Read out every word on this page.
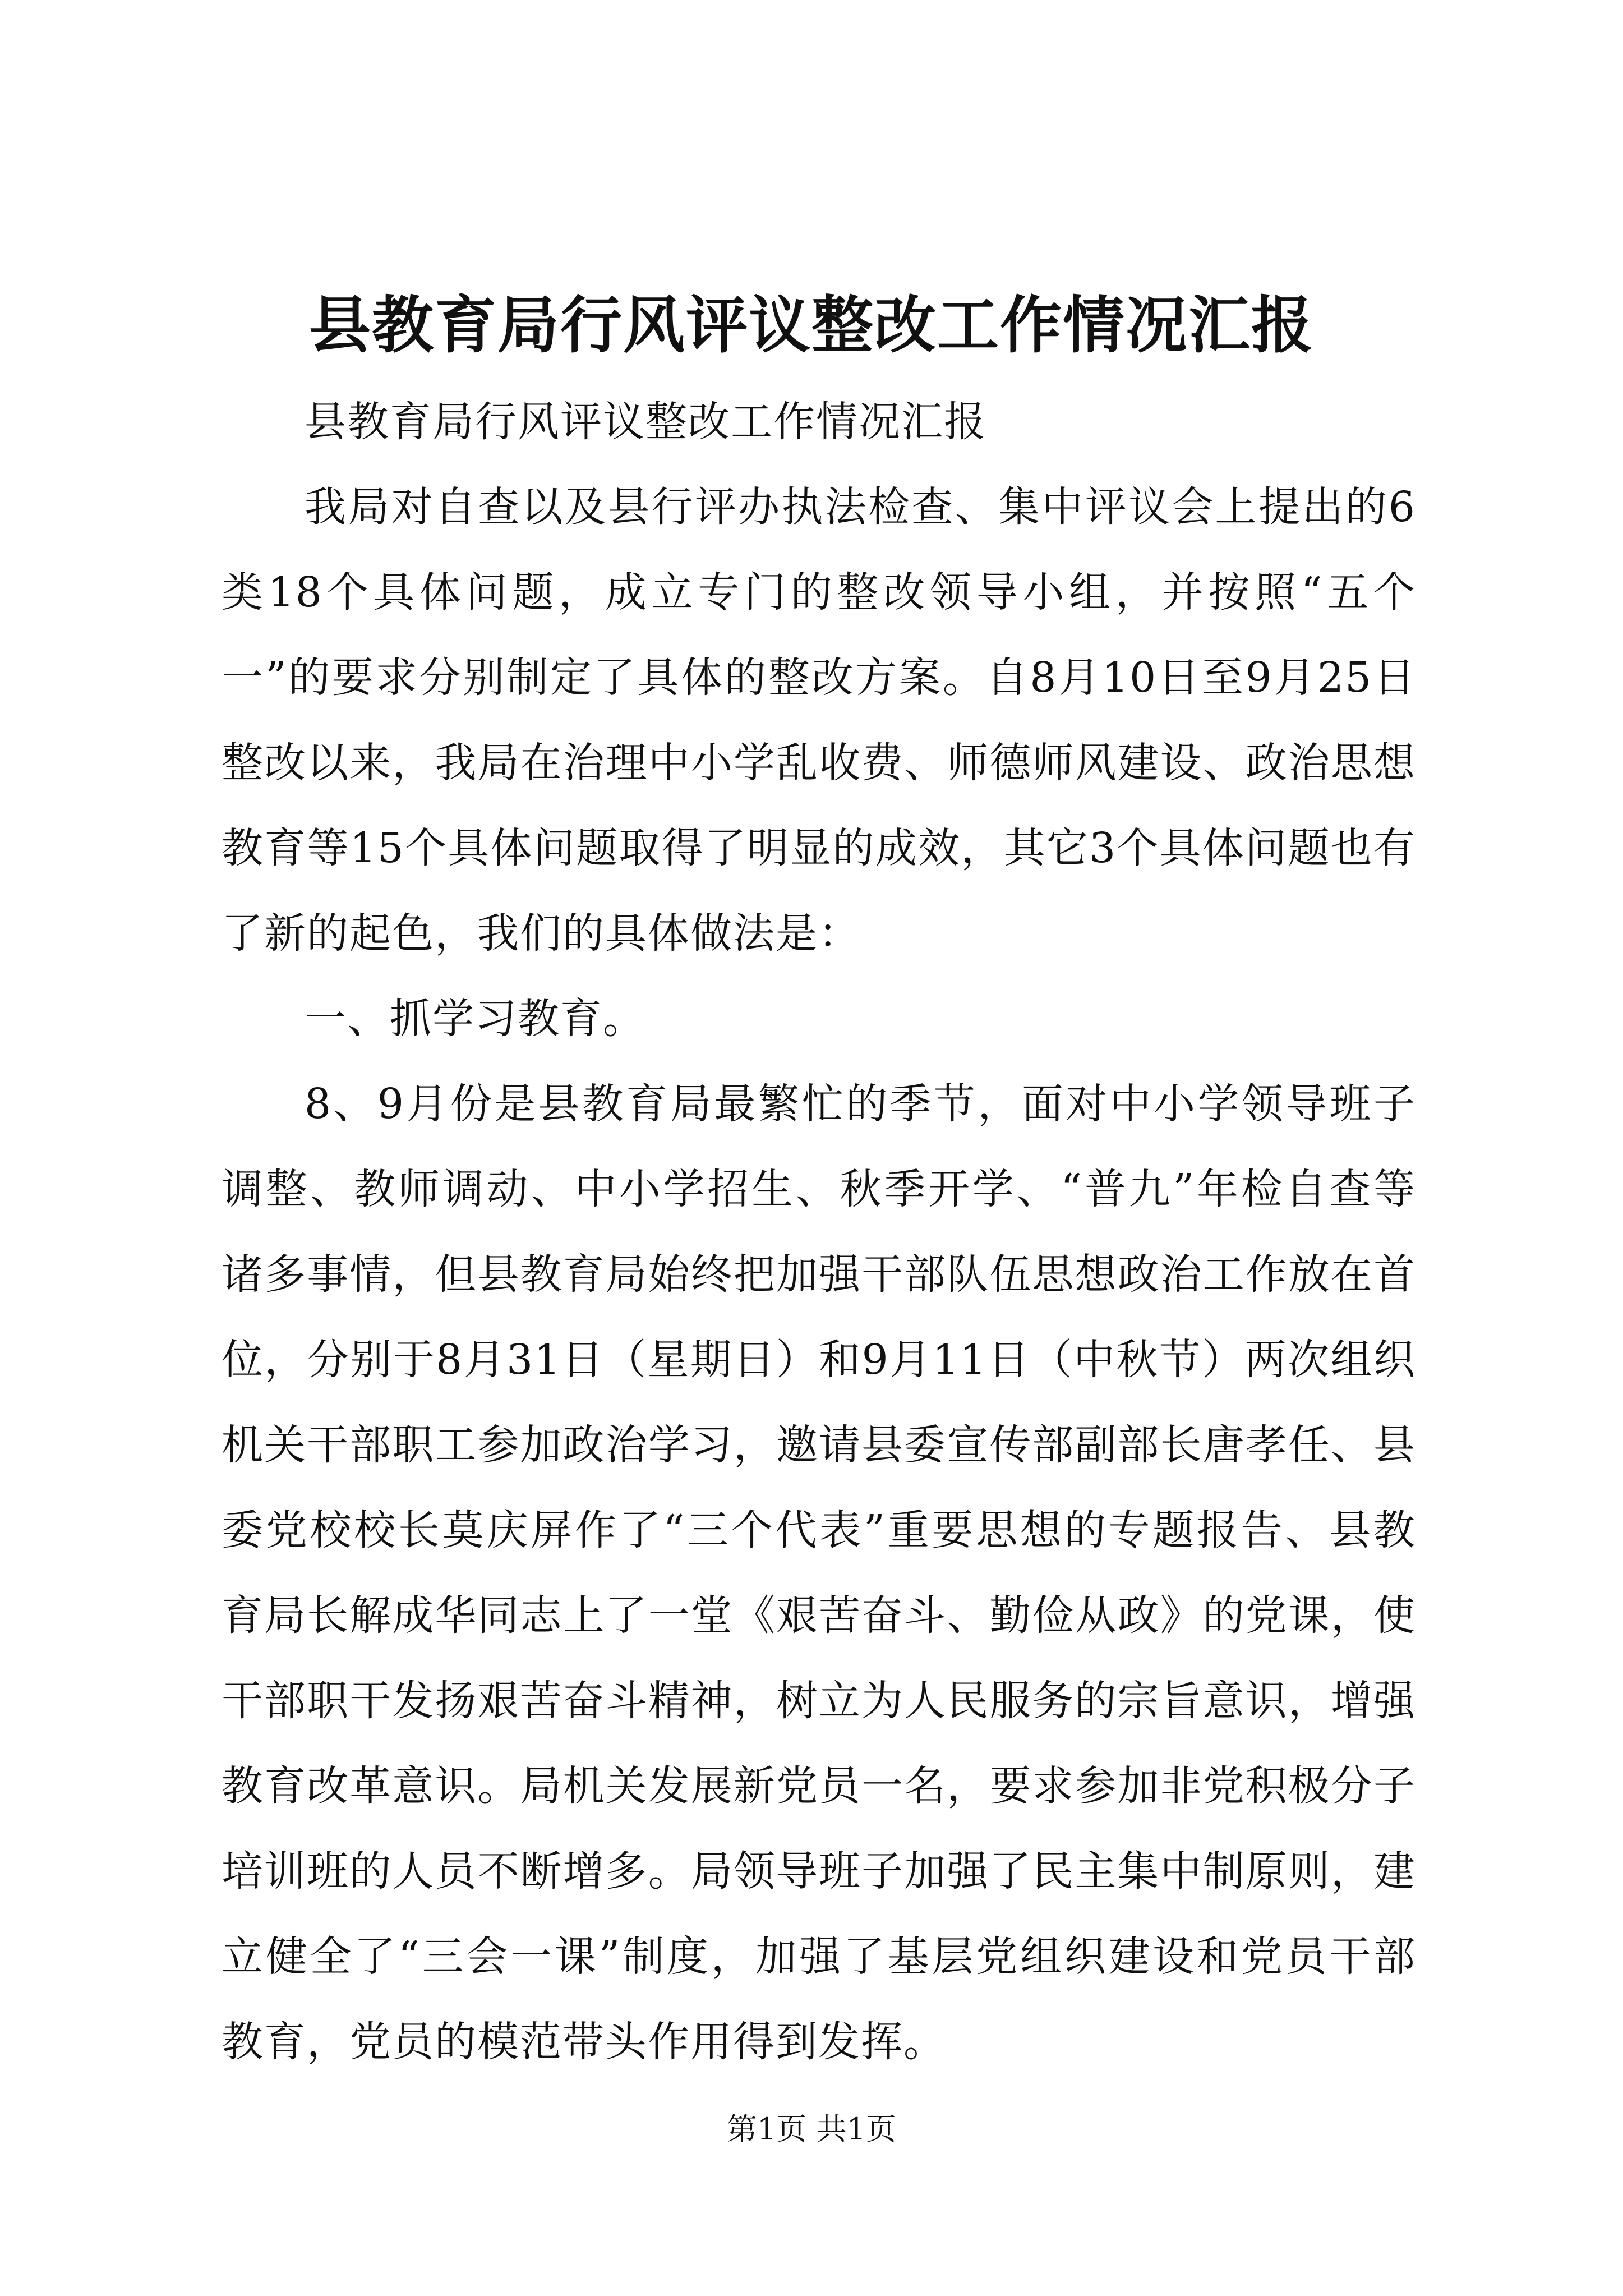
县教育局行风评议整改工作情况汇报

县教育局行风评议整改工作情况汇报

我局对自查以及县行评办执法检查、集中评议会上提出的6类18个具体问题，成立专门的整改领导小组，并按照“五个一”的要求分别制定了具体的整改方案。自8月10日至9月25日整改以来，我局在治理中小学乱收费、师德师风建设、政治思想教育等15个具体问题取得了明显的成效，其它3个具体问题也有了新的起色，我们的具体做法是：

一、抓学习教育。

8、9月份是县教育局最繁忙的季节，面对中小学领导班子调整、教师调动、中小学招生、秋季开学、“普九”年检自查等诸多事情，但县教育局始终把加强干部队伍思想政治工作放在首位，分别于8月31日（星期日）和9月11日（中秋节）两次组织机关干部职工参加政治学习，邀请县委宣传部副部长唐孝任、县委党校校长莫庆屏作了“三个代表”重要思想的专题报告、县教育局长解成华同志上了一堂《艰苦奋斗、勤俭从政》的党课，使干部职干发扬艰苦奋斗精神，树立为人民服务的宗旨意识，增强教育改革意识。局机关发展新党员一名，要求参加非党积极分子培训班的人员不断增多。局领导班子加强了民主集中制原则，建立健全了“三会一课”制度，加强了基层党组织建设和党员干部教育，党员的模范带头作用得到发挥。

第1页 共1页
